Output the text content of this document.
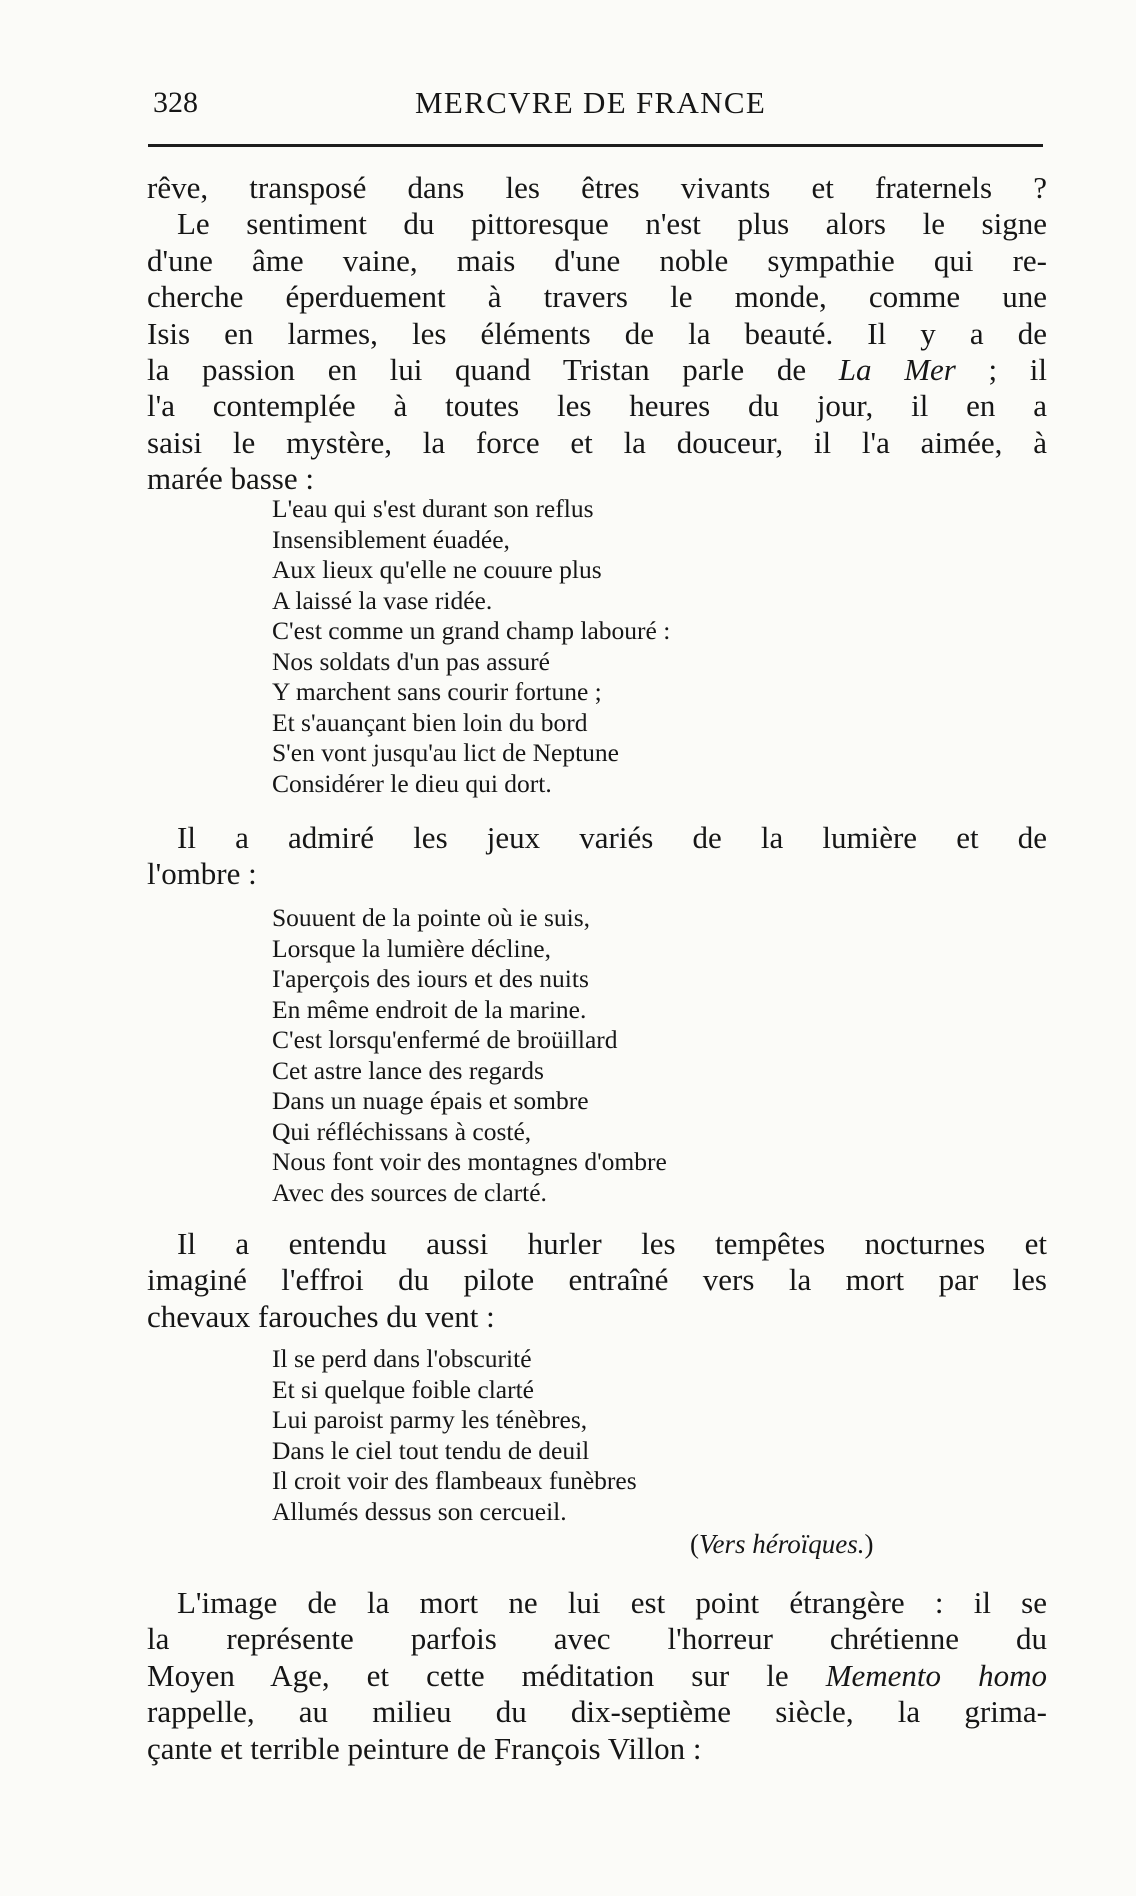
328	MERCVRE DE FRANCE
rêve, transposé dans les êtres vivants et fraternels ?
Le sentiment du pittoresque n'est plus alors le signe
d'une âme vaine, mais d'une noble sympathie qui re-
cherche éperduement à travers le monde, comme une
Isis en larmes, les éléments de la beauté. Il y a de
la passion en lui quand Tristan parle de La Mer ; il
l'a contemplée à toutes les heures du jour, il en a
saisi le mystère, la force et la douceur, il l'a aimée, à
marée basse :
L'eau qui s'est durant son reflus
Insensiblement éuadée,
Aux lieux qu'elle ne couure plus
A laissé la vase ridée.
C'est comme un grand champ labouré :
Nos soldats d'un pas assuré
Y marchent sans courir fortune ;
Et s'auançant bien loin du bord
S'en vont jusqu'au lict de Neptune
Considérer le dieu qui dort.
Il a admiré les jeux variés de la lumière et de
l'ombre :
Souuent de la pointe où ie suis,
Lorsque la lumière décline,
I'aperçois des iours et des nuits
En même endroit de la marine.
C'est lorsqu'enfermé de broüillard
Cet astre lance des regards
Dans un nuage épais et sombre
Qui réfléchissans à costé,
Nous font voir des montagnes d'ombre
Avec des sources de clarté.
Il a entendu aussi hurler les tempêtes nocturnes et
imaginé l'effroi du pilote entraîné vers la mort par les
chevaux farouches du vent :
Il se perd dans l'obscurité
Et si quelque foible clarté
Lui paroist parmy les ténèbres,
Dans le ciel tout tendu de deuil
Il croit voir des flambeaux funèbres
Allumés dessus son cercueil.
(Vers héroïques.)
L'image de la mort ne lui est point étrangère : il se
la représente parfois avec l'horreur chrétienne du
Moyen Age, et cette méditation sur le Memento homo
rappelle, au milieu du dix-septième siècle, la grima-
çante et terrible peinture de François Villon :
